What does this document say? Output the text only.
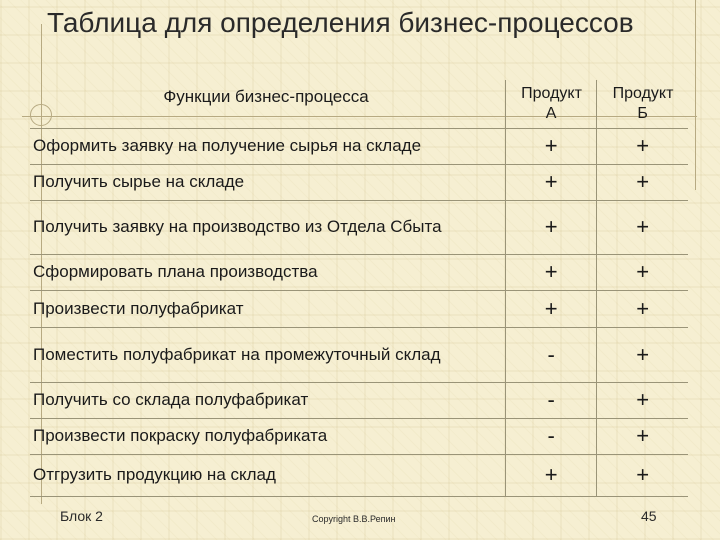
Таблица для определения бизнес-процессов
Функции бизнес-процесса	Продукт А	Продукт Б
Оформить заявку на получение сырья на складе	+	+
Получить сырье на складе	+	+
Получить заявку на производство из Отдела Сбыта	+	+
Сформировать плана производства	+	+
Произвести полуфабрикат	+	+
Поместить полуфабрикат на промежуточный склад	-	+
Получить со склада полуфабрикат	-	+
Произвести покраску полуфабриката	-	+
Отгрузить продукцию на склад	+	+
Блок 2	Copyright В.В.Репин	45
